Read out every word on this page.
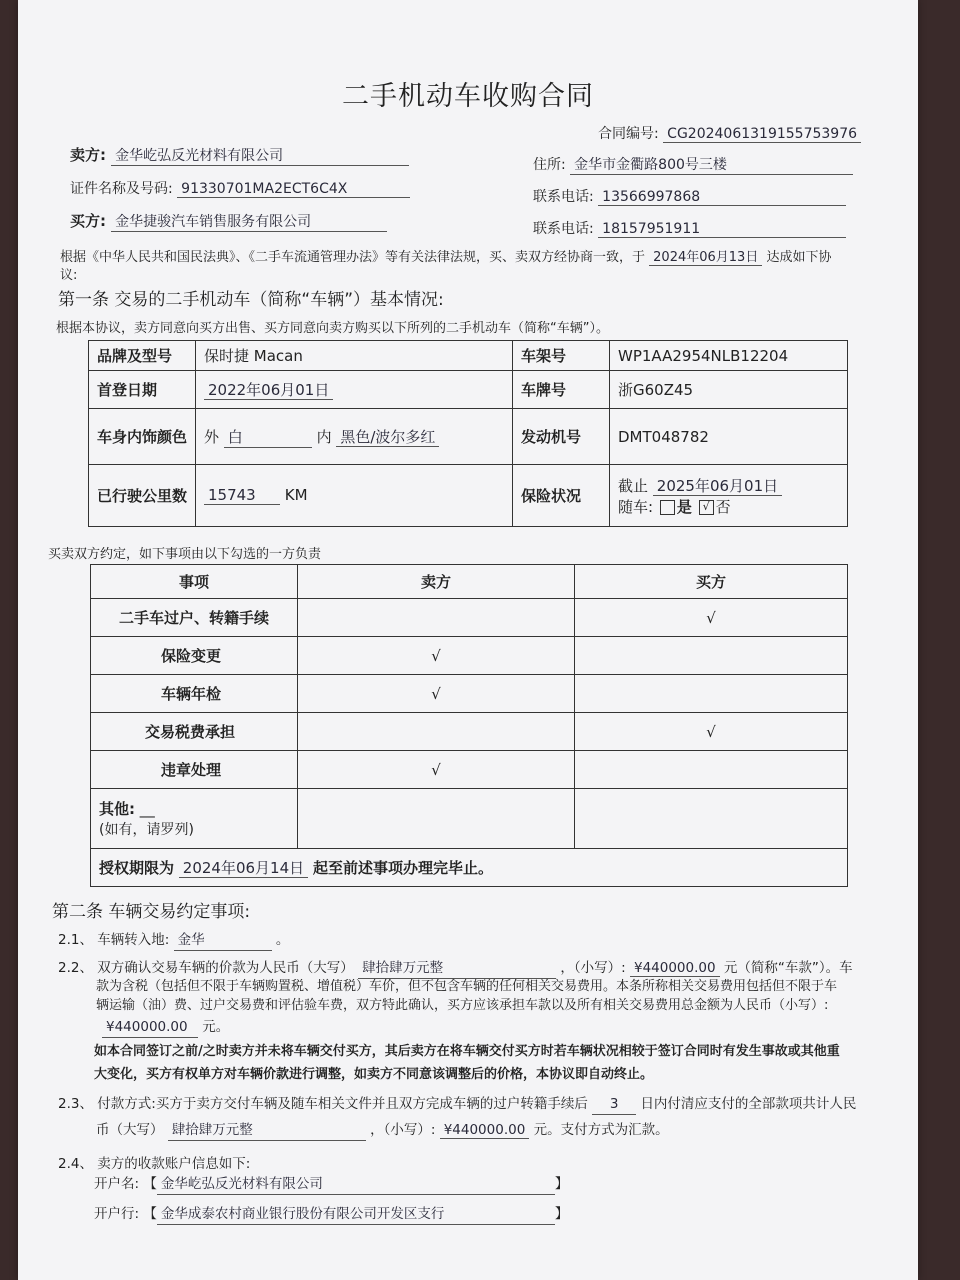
二手机动车收购合同
合同编号: CG2024061319155753976
卖方: 金华屹弘反光材料有限公司
住所: 金华市金衢路800号三楼
证件名称及号码: 91330701MA2ECT6C4X	联系电话: 13566997868
买方: 金华捷骏汽车销售服务有限公司	联系电话: 18157951911
根据《中华人民共和国民法典》、《二手车流通管理办法》等有关法律法规，买、卖双方经协商一致，于 2024年06月13日 达成如下协
议:
第一条 交易的二手机动车（简称“车辆”）基本情况:
根据本协议，卖方同意向买方出售、买方同意向卖方购买以下所列的二手机动车（简称“车辆”）。
品牌及型号	保时捷 Macan	车架号	WP1AA2954NLB12204
首登日期	2022年06月01日	车牌号	浙G60Z45
车身内饰颜色	外 白 内 黑色/波尔多红	发动机号	DMT048782
已行驶公里数	15743 KM	保险状况	截止 2025年06月01日
随车: 是 √ 否
买卖双方约定，如下事项由以下勾选的一方负责
事项	卖方	买方
二手车过户、转籍手续		√
保险变更	√	
车辆年检	√	
交易税费承担		√
违章处理	√	

其他: __
(如有，请罗列)		

授权期限为 2024年06月14日 起至前述事项办理完毕止。		
第二条 车辆交易约定事项:
2.1、 车辆转入地: 金华	。
2.2、 双方确认交易车辆的价款为人民币（大写） 肆拾肆万元整	，（小写）: ¥440000.00 元（简称“车款”）。车
款为含税（包括但不限于车辆购置税、增值税）车价，但不包含车辆的任何相关交易费用。本条所称相关交易费用包括但不限于车
辆运输（油）费、过户交易费和评估验车费，双方特此确认，买方应该承担车款以及所有相关交易费用总金额为人民币（小写）:
¥440000.00 元。
如本合同签订之前/之时卖方并未将车辆交付买方，其后卖方在将车辆交付买方时若车辆状况相较于签订合同时有发生事故或其他重
大变化，买方有权单方对车辆价款进行调整，如卖方不同意该调整后的价格，本协议即自动终止。
2.3、 付款方式:买方于卖方交付车辆及随车相关文件并且双方完成车辆的过户转籍手续后 3 日内付清应支付的全部款项共计人民
币（大写） 肆拾肆万元整	，（小写）: ¥440000.00 元。支付方式为汇款。
2.4、 卖方的收款账户信息如下:
开户名: 【 金华屹弘反光材料有限公司	】
开户行: 【 金华成泰农村商业银行股份有限公司开发区支行	】
